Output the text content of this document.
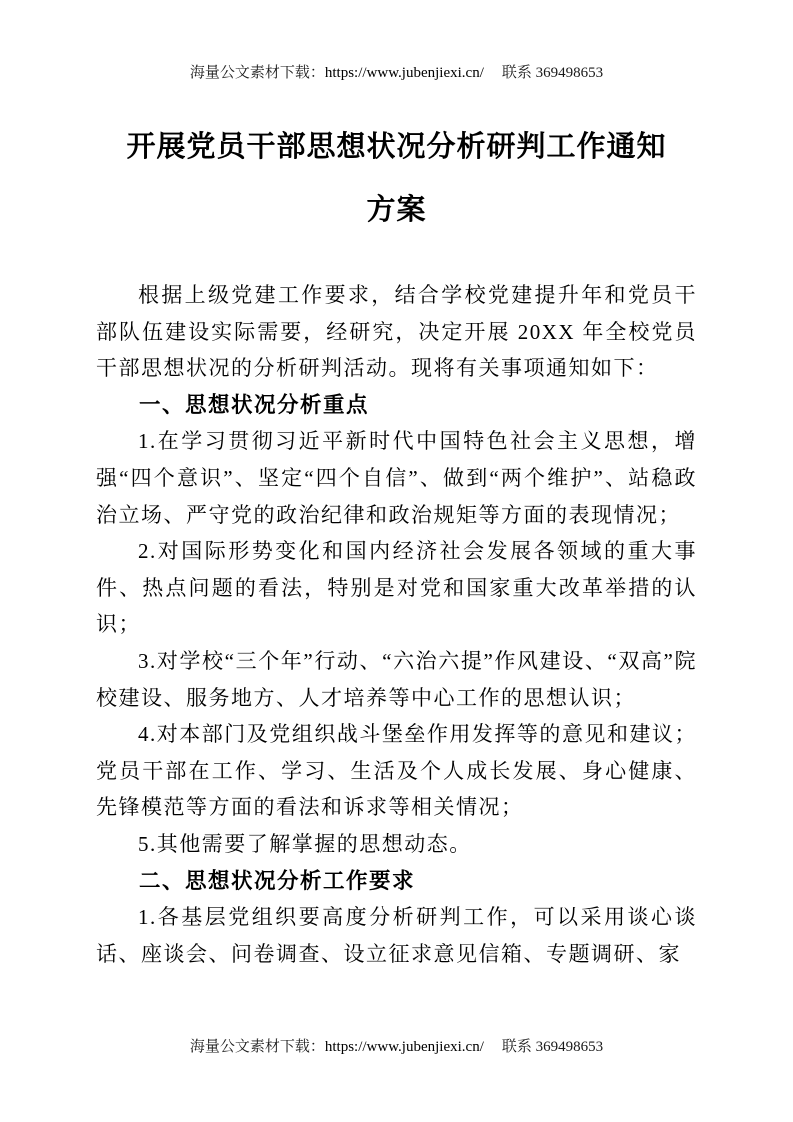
海量公文素材下载：https://www.jubenjiexi.cn/ 联系 369498653
开展党员干部思想状况分析研判工作通知
方案

根据上级党建工作要求，结合学校党建提升年和党员干部队伍建设实际需要，经研究，决定开展 20XX 年全校党员干部思想状况的分析研判活动。现将有关事项通知如下：

一、思想状况分析重点

1.在学习贯彻习近平新时代中国特色社会主义思想，增强“四个意识”、坚定“四个自信”、做到“两个维护”、站稳政治立场、严守党的政治纪律和政治规矩等方面的表现情况；

2.对国际形势变化和国内经济社会发展各领域的重大事件、热点问题的看法，特别是对党和国家重大改革举措的认识；

3.对学校“三个年”行动、“六治六提”作风建设、“双高”院校建设、服务地方、人才培养等中心工作的思想认识；

4.对本部门及党组织战斗堡垒作用发挥等的意见和建议；党员干部在工作、学习、生活及个人成长发展、身心健康、先锋模范等方面的看法和诉求等相关情况；

5.其他需要了解掌握的思想动态。

二、思想状况分析工作要求

1.各基层党组织要高度分析研判工作，可以采用谈心谈话、座谈会、问卷调查、设立征求意见信箱、专题调研、家

海量公文素材下载：https://www.jubenjiexi.cn/ 联系 369498653
